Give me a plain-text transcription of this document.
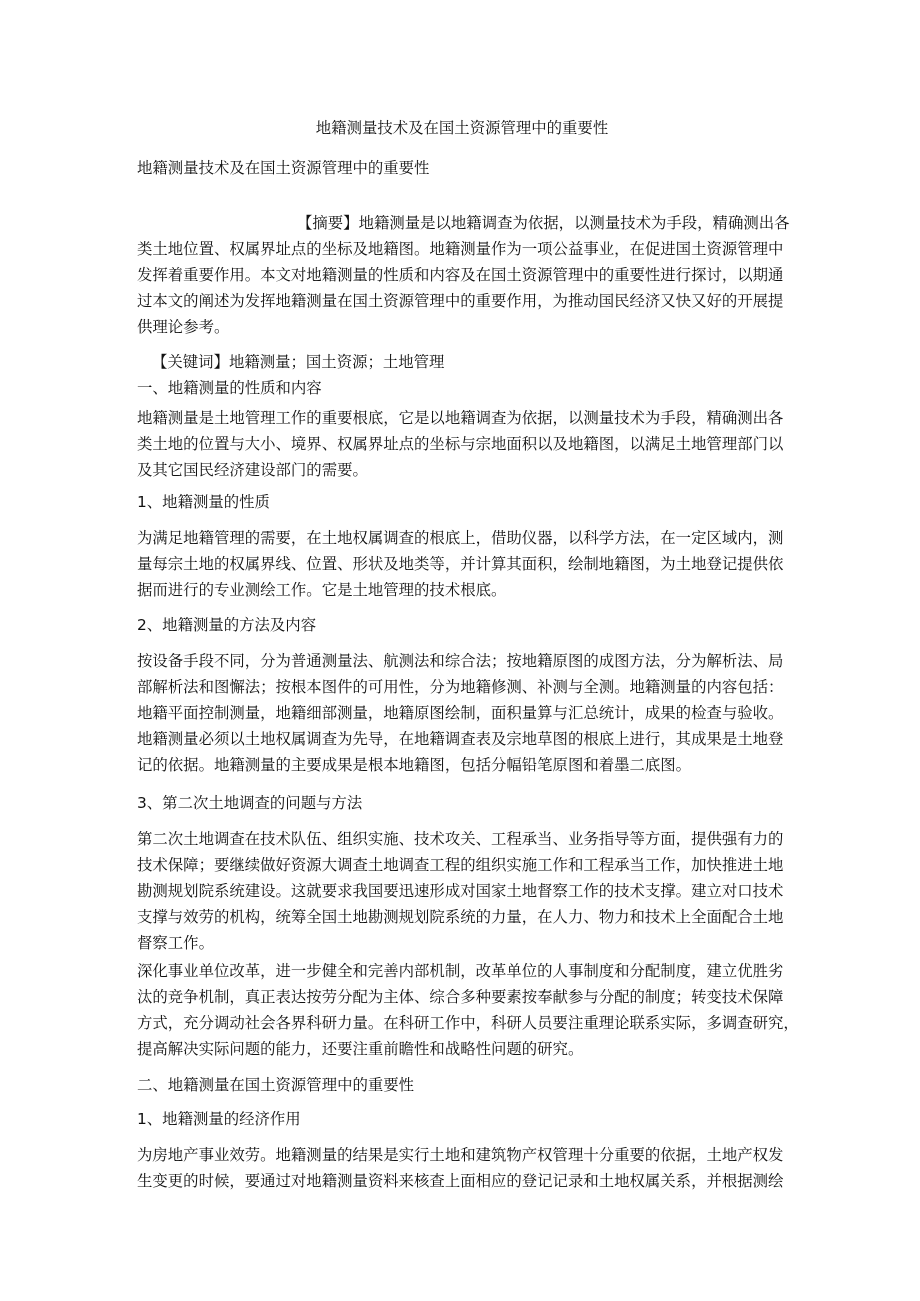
地籍测量技术及在国土资源管理中的重要性
地籍测量技术及在国土资源管理中的重要性
【摘要】地籍测量是以地籍调查为依据，以测量技术为手段，精确测出各
类土地位置、权属界址点的坐标及地籍图。地籍测量作为一项公益事业，在促进国土资源管理中
发挥着重要作用。本文对地籍测量的性质和内容及在国土资源管理中的重要性进行探讨，以期通
过本文的阐述为发挥地籍测量在国土资源管理中的重要作用，为推动国民经济又快又好的开展提
供理论参考。
【关键词】地籍测量；国土资源；土地管理
一、地籍测量的性质和内容
地籍测量是土地管理工作的重要根底，它是以地籍调查为依据，以测量技术为手段，精确测出各
类土地的位置与大小、境界、权属界址点的坐标与宗地面积以及地籍图，以满足土地管理部门以
及其它国民经济建设部门的需要。
1、地籍测量的性质
为满足地籍管理的需要，在土地权属调查的根底上，借助仪器，以科学方法，在一定区域内，测
量每宗土地的权属界线、位置、形状及地类等，并计算其面积，绘制地籍图，为土地登记提供依
据而进行的专业测绘工作。它是土地管理的技术根底。
2、地籍测量的方法及内容
按设备手段不同，分为普通测量法、航测法和综合法；按地籍原图的成图方法，分为解析法、局
部解析法和图懈法；按根本图件的可用性，分为地籍修测、补测与全测。地籍测量的内容包括：
地籍平面控制测量，地籍细部测量，地籍原图绘制，面积量算与汇总统计，成果的检查与验收。
地籍测量必须以土地权属调查为先导，在地籍调查表及宗地草图的根底上进行，其成果是土地登
记的依据。地籍测量的主要成果是根本地籍图，包括分幅铅笔原图和着墨二底图。
3、第二次土地调查的问题与方法
第二次土地调查在技术队伍、组织实施、技术攻关、工程承当、业务指导等方面，提供强有力的
技术保障；要继续做好资源大调查土地调查工程的组织实施工作和工程承当工作，加快推进土地
勘测规划院系统建设。这就要求我国要迅速形成对国家土地督察工作的技术支撑。建立对口技术
支撑与效劳的机构，统筹全国土地勘测规划院系统的力量，在人力、物力和技术上全面配合土地
督察工作。
深化事业单位改革，进一步健全和完善内部机制，改革单位的人事制度和分配制度，建立优胜劣
汰的竞争机制，真正表达按劳分配为主体、综合多种要素按奉献参与分配的制度；转变技术保障
方式，充分调动社会各界科研力量。在科研工作中，科研人员要注重理论联系实际，多调查研究，
提高解决实际问题的能力，还要注重前瞻性和战略性问题的研究。
二、地籍测量在国土资源管理中的重要性
1、地籍测量的经济作用
为房地产事业效劳。地籍测量的结果是实行土地和建筑物产权管理十分重要的依据，土地产权发
生变更的时候，要通过对地籍测量资料来核查上面相应的登记记录和土地权属关系，并根据测绘
